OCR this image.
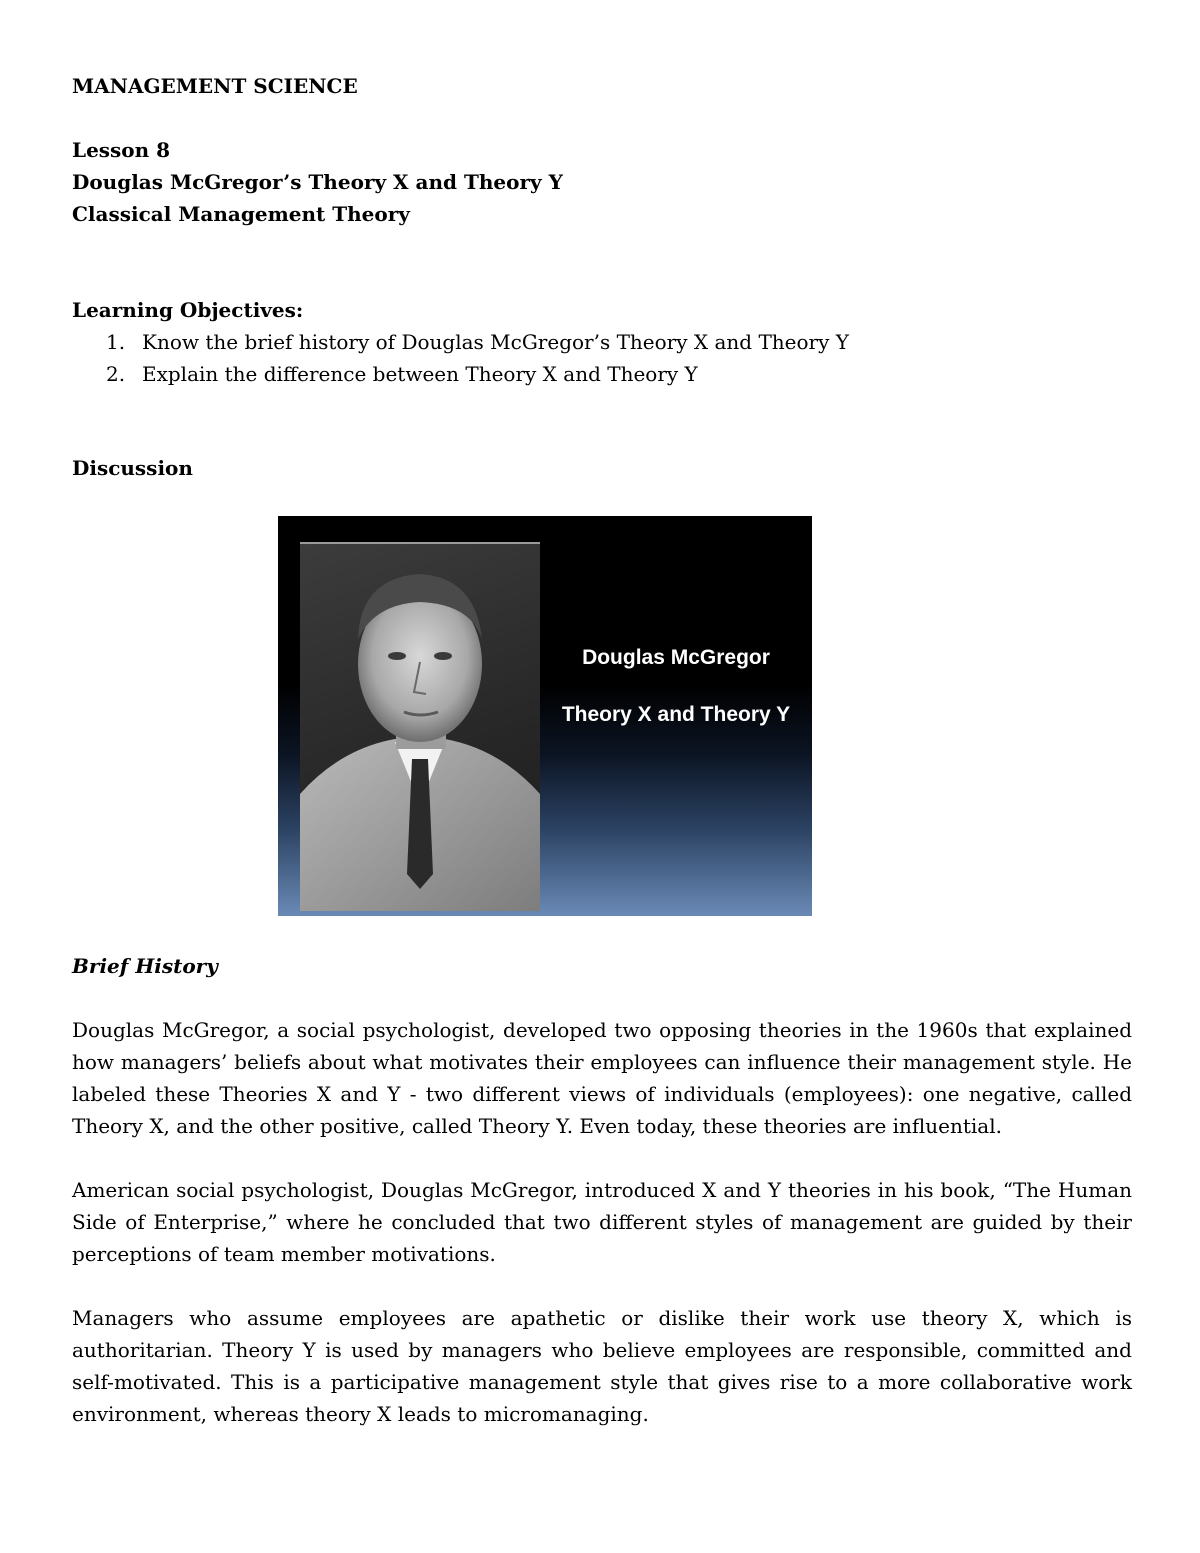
MANAGEMENT SCIENCE
Lesson 8
Douglas McGregor’s Theory X and Theory Y
Classical Management Theory
Learning Objectives:
Know the brief history of Douglas McGregor’s Theory X and Theory Y
Explain the difference between Theory X and Theory Y
Discussion
Douglas McGregor
Theory X and Theory Y
Brief History

Douglas McGregor, a social psychologist, developed two opposing theories in the 1960s that explained how managers’ beliefs about what motivates their employees can influence their management style. He labeled these Theories X and Y - two different views of individuals (employees): one negative, called Theory X, and the other positive, called Theory Y. Even today, these theories are influential.

American social psychologist, Douglas McGregor, introduced X and Y theories in his book, “The Human Side of Enterprise,” where he concluded that two different styles of management are guided by their perceptions of team member motivations.

Managers who assume employees are apathetic or dislike their work use theory X, which is authoritarian. Theory Y is used by managers who believe employees are responsible, committed and self-motivated. This is a participative management style that gives rise to a more collaborative work environment, whereas theory X leads to micromanaging.
